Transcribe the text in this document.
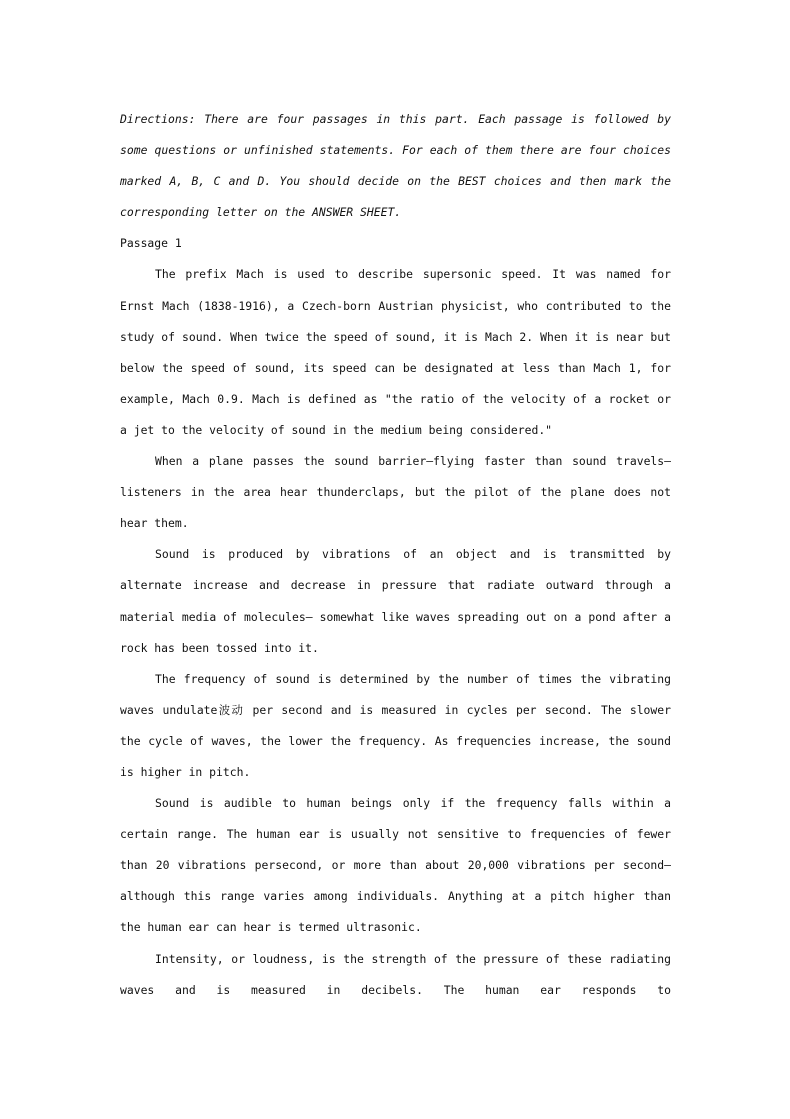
Directions: There are four passages in this part. Each passage is followed by some questions or unfinished statements. For each of them there are four choices marked A, B, C and D. You should decide on the BEST choices and then mark the corresponding letter on the ANSWER SHEET.

Passage 1

The prefix Mach is used to describe supersonic speed. It was named for Ernst Mach (1838-1916), a Czech-born Austrian physicist, who contributed to the study of sound. When twice the speed of sound, it is Mach 2. When it is near but below the speed of sound, its speed can be designated at less than Mach 1, for example, Mach 0.9. Mach is defined as "the ratio of the velocity of a rocket or a jet to the velocity of sound in the medium being considered."

When a plane passes the sound barrier—flying faster than sound travels—listeners in the area hear thunderclaps, but the pilot of the plane does not hear them.

Sound is produced by vibrations of an object and is transmitted by alternate increase and decrease in pressure that radiate outward through a material media of molecules— somewhat like waves spreading out on a pond after a rock has been tossed into it.

The frequency of sound is determined by the number of times the vibrating waves undulate波动 per second and is measured in cycles per second. The slower the cycle of waves, the lower the frequency. As frequencies increase, the sound is higher in pitch.

Sound is audible to human beings only if the frequency falls within a certain range. The human ear is usually not sensitive to frequencies of fewer than 20 vibrations persecond, or more than about 20,000 vibrations per second—although this range varies among individuals. Anything at a pitch higher than the human ear can hear is termed ultrasonic.

Intensity, or loudness, is the strength of the pressure of these radiating waves and is measured in decibels. The human ear responds to
